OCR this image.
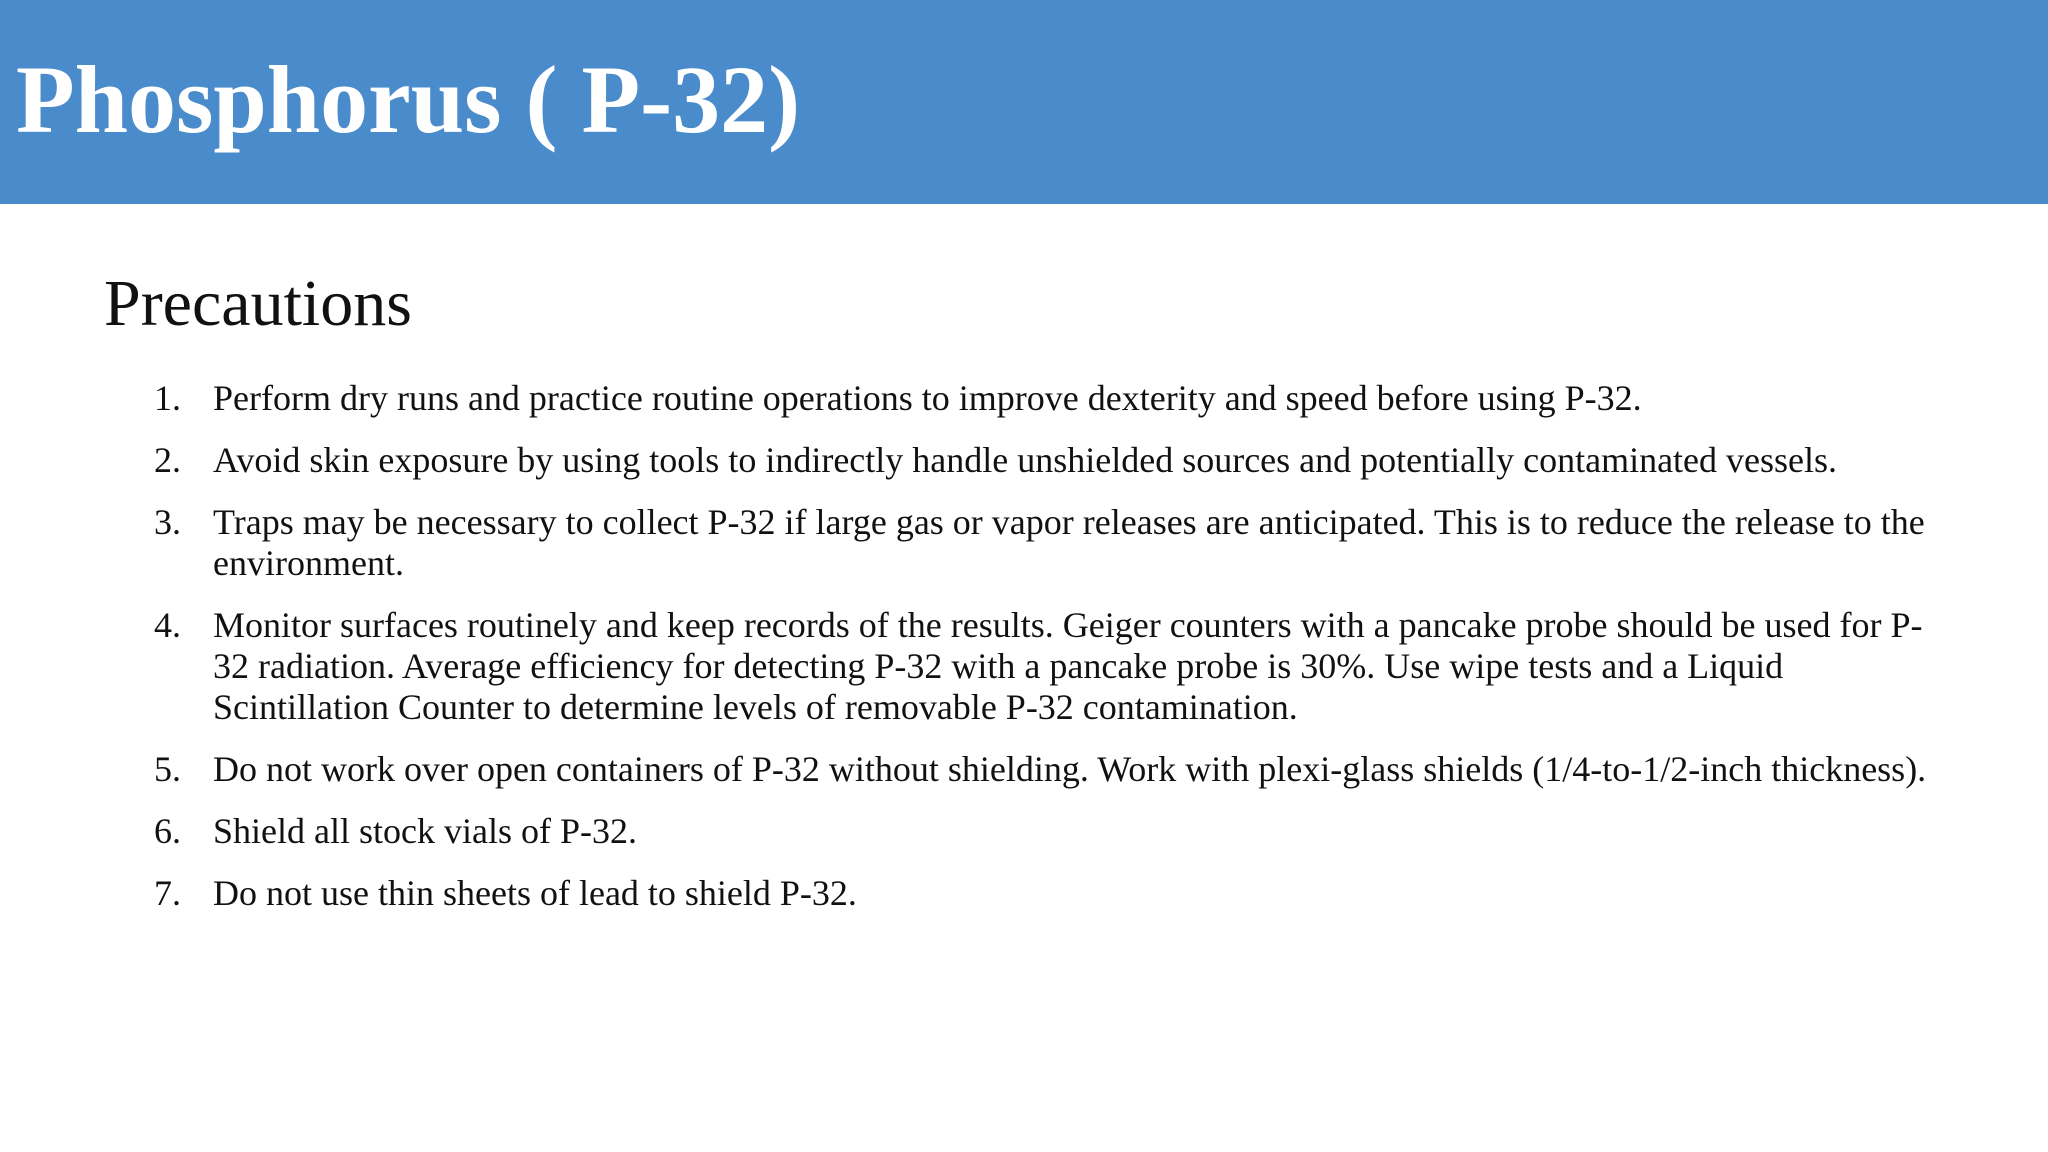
Phosphorus ( P-32)
Precautions
1. Perform dry runs and practice routine operations to improve dexterity and speed before using P-32.
2. Avoid skin exposure by using tools to indirectly handle unshielded sources and potentially contaminated vessels.
3. Traps may be necessary to collect P-32 if large gas or vapor releases are anticipated. This is to reduce the release to the environment.
4. Monitor surfaces routinely and keep records of the results. Geiger counters with a pancake probe should be used for P-32 radiation. Average efficiency for detecting P-32 with a pancake probe is 30%. Use wipe tests and a Liquid Scintillation Counter to determine levels of removable P-32 contamination.
5. Do not work over open containers of P-32 without shielding. Work with plexi-glass shields (1/4-to-1/2-inch thickness).
6. Shield all stock vials of P-32.
7. Do not use thin sheets of lead to shield P-32.
